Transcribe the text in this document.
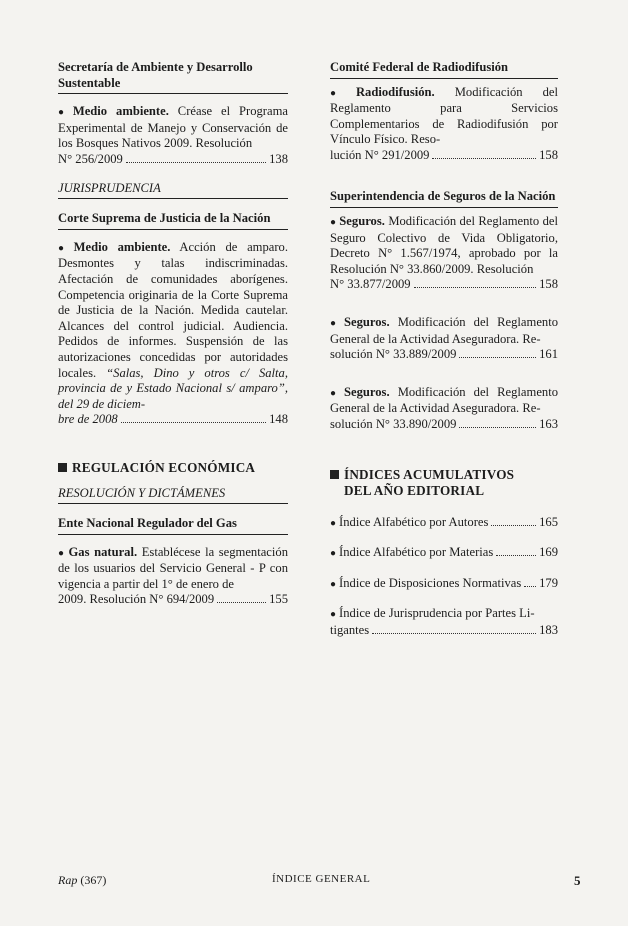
Secretaría de Ambiente y Desarrollo Sustentable
● Medio ambiente. Créase el Programa Experimental de Manejo y Conservación de los Bosques Nativos 2009. Resolución
N° 256/2009	138
JURISPRUDENCIA
Corte Suprema de Justicia de la Nación
● Medio ambiente. Acción de amparo. Desmontes y talas indiscriminadas. Afectación de comunidades aborígenes. Competencia originaria de la Corte Suprema de Justicia de la Nación. Medida cautelar. Alcances del control judicial. Audiencia. Pedidos de informes. Suspensión de las autorizaciones concedidas por autoridades locales. “Salas, Dino y otros c/ Salta, provincia de y Estado Nacional s/ amparo”, del 29 de diciem-
bre de 2008	148
REGULACIÓN ECONÓMICA
RESOLUCIÓN Y DICTÁMENES
Ente Nacional Regulador del Gas
● Gas natural. Establécese la segmentación de los usuarios del Servicio General - P con vigencia a partir del 1° de enero de
2009. Resolución N° 694/2009	155
Comité Federal de Radiodifusión
● Radiodifusión. Modificación del Reglamento para Servicios Complementarios de Radiodifusión por Vínculo Físico. Reso-
lución N° 291/2009	158
Superintendencia de Seguros de la Nación
● Seguros. Modificación del Reglamento del Seguro Colectivo de Vida Obligatorio, Decreto N° 1.567/1974, aprobado por la Resolución N° 33.860/2009. Resolución
N° 33.877/2009	158
● Seguros. Modificación del Reglamento General de la Actividad Aseguradora. Re-
solución N° 33.889/2009	161
● Seguros. Modificación del Reglamento General de la Actividad Aseguradora. Re-
solución N° 33.890/2009	163
ÍNDICES ACUMULATIVOS
DEL AÑO EDITORIAL
● Índice Alfabético por Autores	165
● Índice Alfabético por Materias	169
● Índice de Disposiciones Normativas 179
● Índice de Jurisprudencia por Partes Li-
tigantes	183
Rap (367)	ÍNDICE GENERAL	5
